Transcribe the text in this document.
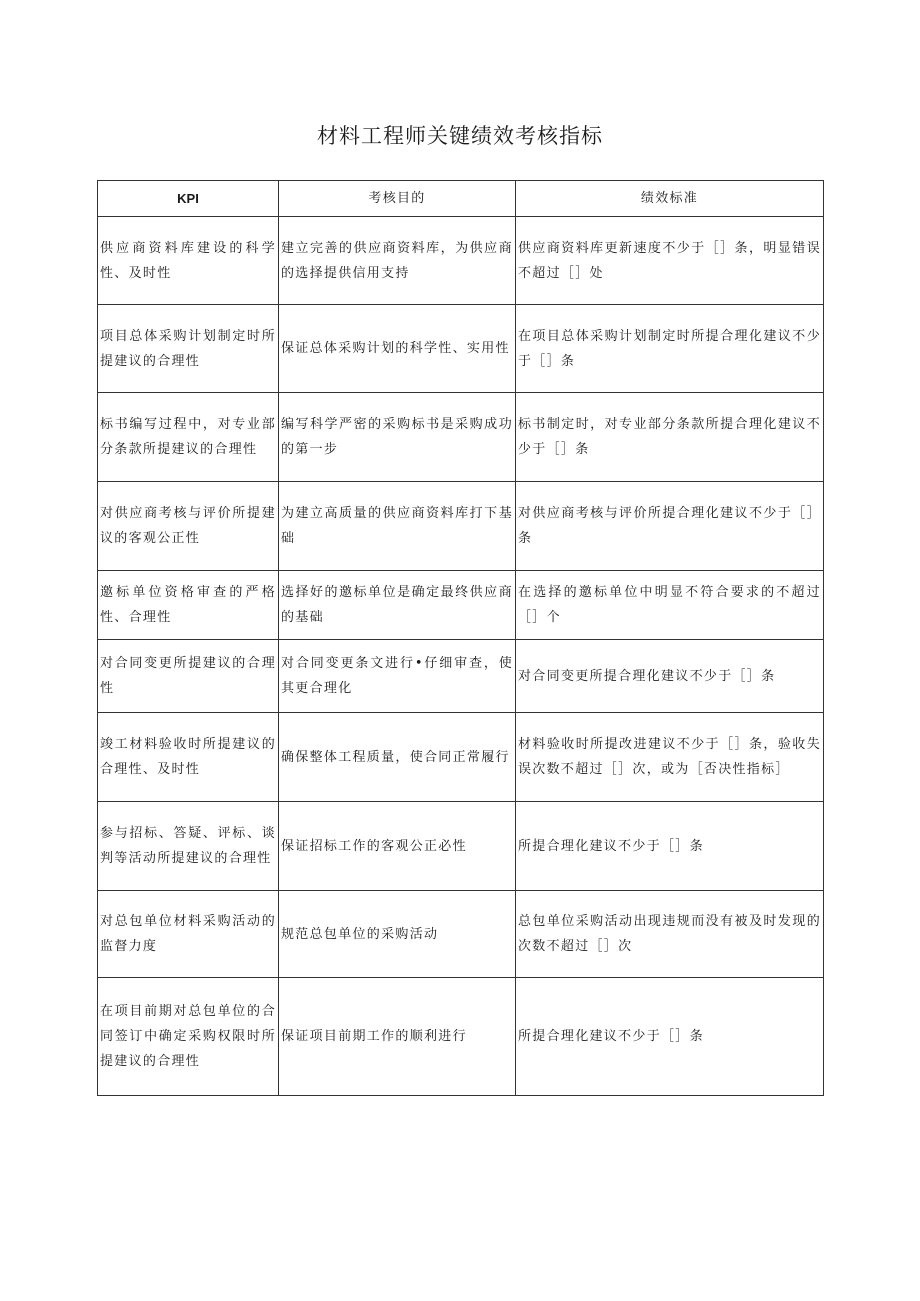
材料工程师关键绩效考核指标
KPI	考核目的	绩效标准
供应商资料库建设的科学性、及时性	建立完善的供应商资料库，为供应商的选择提供信用支持	供应商资料库更新速度不少于［］条，明显错误不超过［］处
项目总体采购计划制定时所提建议的合理性	保证总体采购计划的科学性、实用性	在项目总体采购计划制定时所提合理化建议不少于［］条
标书编写过程中，对专业部分条款所提建议的合理性	编写科学严密的采购标书是采购成功的第一步	标书制定时，对专业部分条款所提合理化建议不少于［］条
对供应商考核与评价所提建议的客观公正性	为建立高质量的供应商资料库打下基础	对供应商考核与评价所提合理化建议不少于［］条
邀标单位资格审查的严格性、合理性	选择好的邀标单位是确定最终供应商的基础	在选择的邀标单位中明显不符合要求的不超过［］个
对合同变更所提建议的合理性	对合同变更条文进行•仔细审查，使其更合理化	对合同变更所提合理化建议不少于［］条
竣工材料验收时所提建议的合理性、及时性	确保整体工程质量，使合同正常履行	材料验收时所提改进建议不少于［］条，验收失误次数不超过［］次，或为［否决性指标］
参与招标、答疑、评标、谈判等活动所提建议的合理性	保证招标工作的客观公正必性	所提合理化建议不少于［］条
对总包单位材料采购活动的监督力度	规范总包单位的采购活动	总包单位采购活动出现违规而没有被及时发现的次数不超过［］次
在项目前期对总包单位的合同签订中确定采购权限时所提建议的合理性	保证项目前期工作的顺利进行	所提合理化建议不少于［］条
